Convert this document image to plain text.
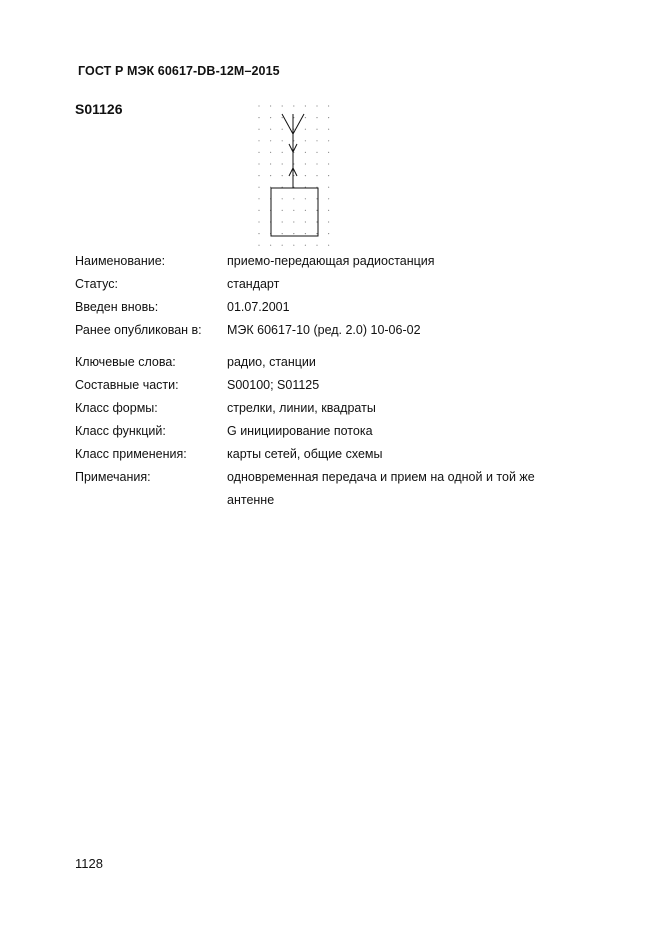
ГОСТ Р МЭК 60617-DB-12M–2015
S01126
Наименование:	приемо-передающая радиостанция
Статус:	стандарт
Введен вновь:	01.07.2001
Ранее опубликован в:	МЭК 60617-10 (ред. 2.0) 10-06-02
Ключевые слова:	радио, станции
Составные части:	S00100; S01125
Класс формы:	стрелки, линии, квадраты
Класс функций:	G инициирование потока
Класс применения:	карты сетей, общие схемы
Примечания:	одновременная передача и прием на одной и той же
антенне
1128
